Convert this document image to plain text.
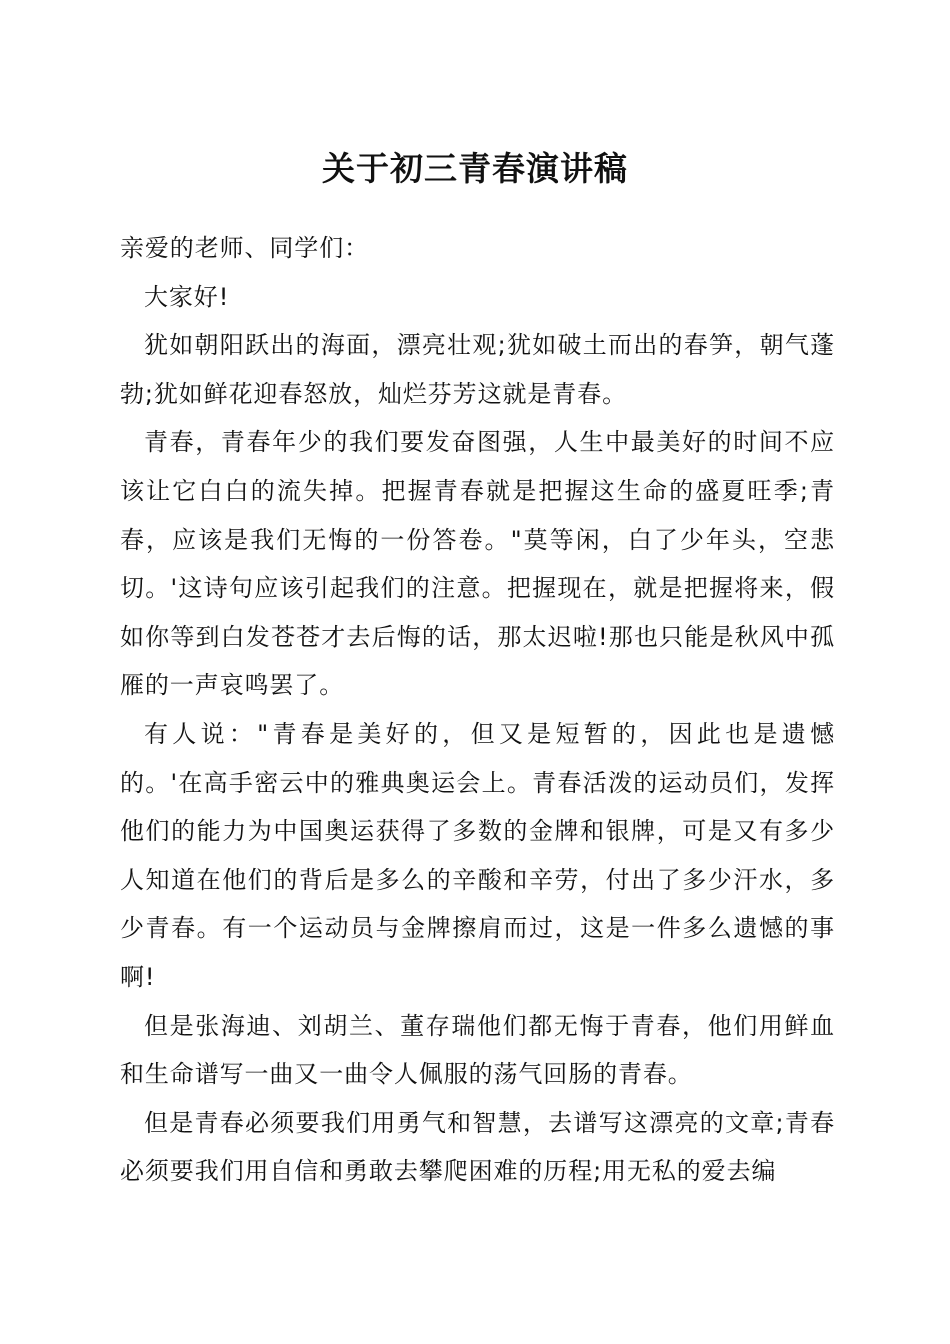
关于初三青春演讲稿

亲爱的老师、同学们：

大家好!

犹如朝阳跃出的海面，漂亮壮观;犹如破土而出的春笋，朝气蓬勃;犹如鲜花迎春怒放，灿烂芬芳这就是青春。

青春，青春年少的我们要发奋图强，人生中最美好的时间不应该让它白白的流失掉。把握青春就是把握这生命的盛夏旺季;青春，应该是我们无悔的一份答卷。"莫等闲，白了少年头，空悲切。'这诗句应该引起我们的注意。把握现在，就是把握将来，假如你等到白发苍苍才去后悔的话，那太迟啦!那也只能是秋风中孤雁的一声哀鸣罢了。

有人说："青春是美好的，但又是短暂的，因此也是遗憾的。'在高手密云中的雅典奥运会上。青春活泼的运动员们，发挥他们的能力为中国奥运获得了多数的金牌和银牌，可是又有多少人知道在他们的背后是多么的辛酸和辛劳，付出了多少汗水，多少青春。有一个运动员与金牌擦肩而过，这是一件多么遗憾的事啊!

但是张海迪、刘胡兰、董存瑞他们都无悔于青春，他们用鲜血和生命谱写一曲又一曲令人佩服的荡气回肠的青春。

但是青春必须要我们用勇气和智慧，去谱写这漂亮的文章;青春必须要我们用自信和勇敢去攀爬困难的历程;用无私的爱去编
